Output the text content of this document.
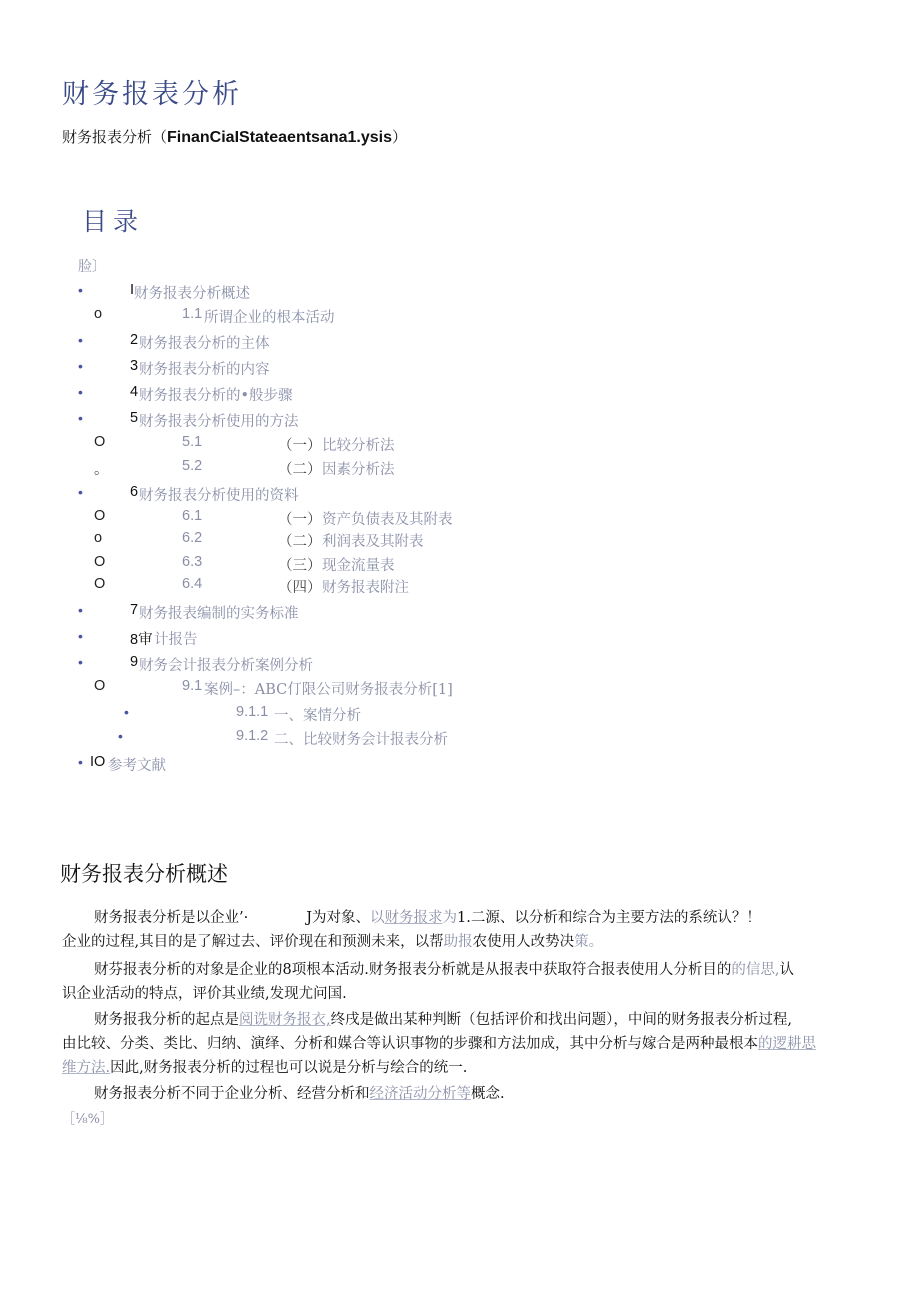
财务报表分析
财务报表分析（FinanCiaIStateaentsana1.ysis）
目录
脸〕
•	I 财务报表分析概述
o	1.1 所谓企业的根本活动
•	2 财务报表分析的主体
•	3 财务报表分析的内容
•	4 财务报表分析的•般步骤
•	5 财务报表分析使用的方法
O	5.1	（一） 比较分析法
。	5.2	（二） 因素分析法
•	6 财务报表分析使用的资料
O	6.1	（一） 资产负债表及其附表
o	6.2	（二） 利润表及其附表
O	6.3	（三） 现金流量表
O	6.4	（四） 财务报表附注
•	7 财务报表编制的实务标准
•	8审 计报告
•	9 财务会计报表分析案例分析
O	9.1 案例–：ABC仃限公司财务报表分析[1]
•	9.1.1 一、案情分析
•	9.1.2 二、比较财务会计报表分析
• IO 参考文献
财务报表分析概述
财务报表分析是以企业’·	J为对象、以财务报求为1.二源、以分析和综合为主要方法的系统认？！
企业的过程,其目的是了解过去、评价现在和预测未来，以帮助报农使用人改势决策。
财芬报表分析的对象是企业的8项根本活动.财务报表分析就是从报表中获取符合报表使用人分析目的的信思,认
识企业活动的特点，评价其业绩,发现尤问国.
财务报我分析的起点是阅诜财务报衣,终戌是做出某种判断（包括评价和找出问题），中间的财务报表分析过程,
由比较、分类、类比、归纳、演绎、分析和媒合等认识事物的步骤和方法加成，其中分析与嫁合是两种最根本的逻耕思
维方法.因此,财务报表分析的过程也可以说是分析与绘合的统一.
财务报表分析不同于企业分析、经营分析和经济活动分析等概念.
［⅛%］
